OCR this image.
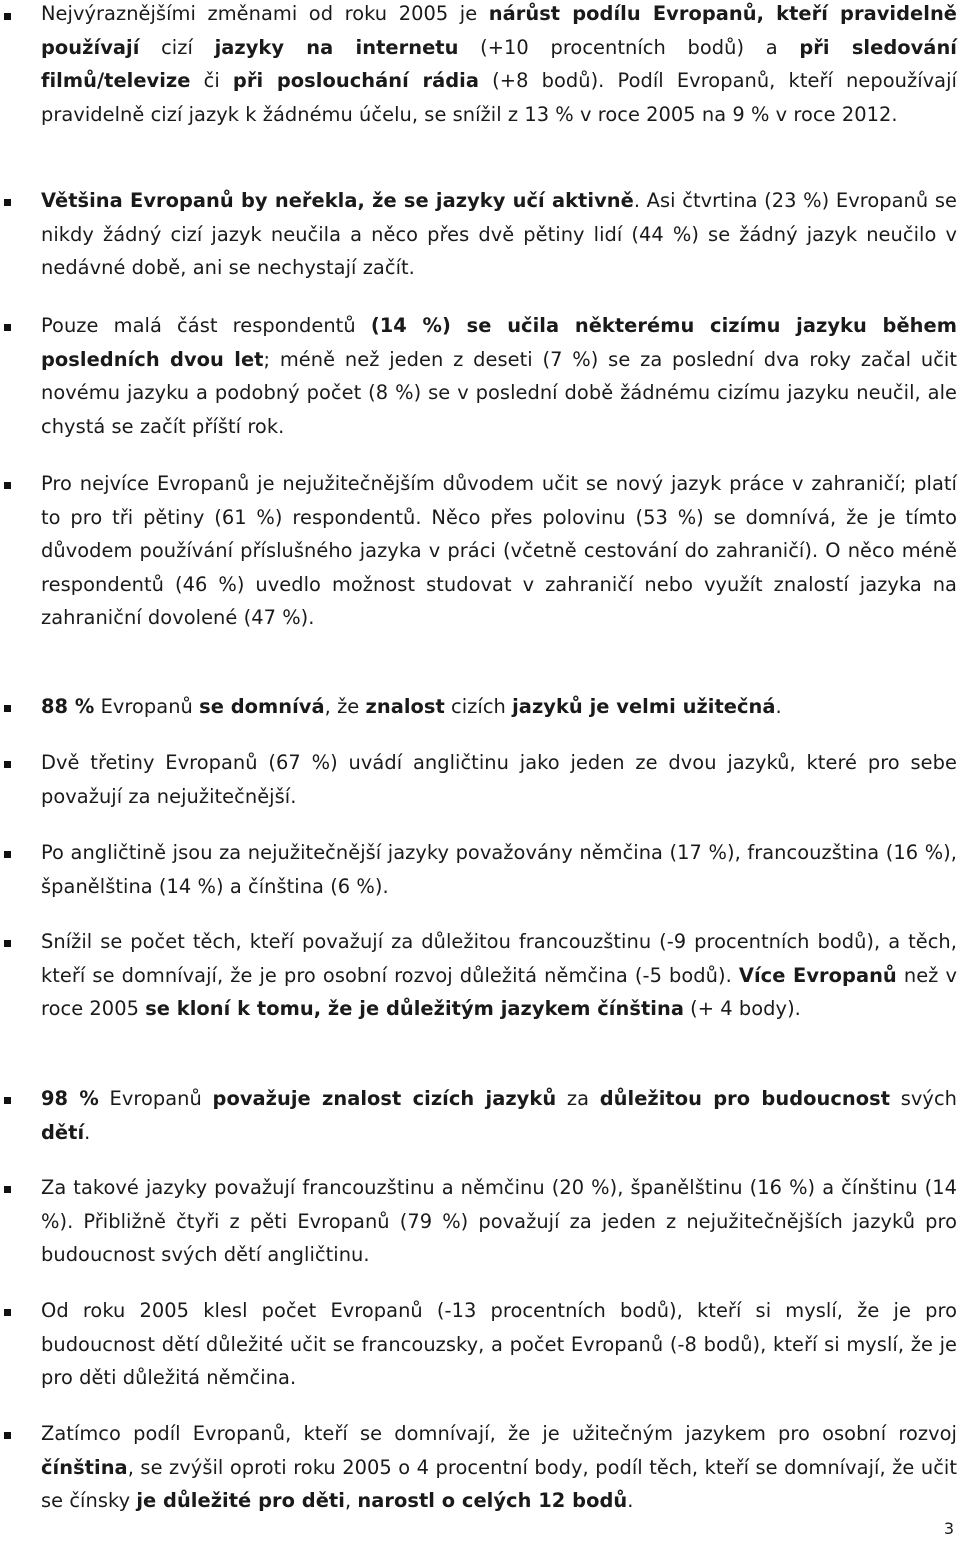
Nejvýraznějšími změnami od roku 2005 je nárůst podílu Evropanů, kteří pravidelně používají cizí jazyky na internetu (+10 procentních bodů) a při sledování filmů/televize či při poslouchání rádia (+8 bodů). Podíl Evropanů, kteří nepoužívají pravidelně cizí jazyk k žádnému účelu, se snížil z 13 % v roce 2005 na 9 % v roce 2012.

Většina Evropanů by neřekla, že se jazyky učí aktivně. Asi čtvrtina (23 %) Evropanů se nikdy žádný cizí jazyk neučila a něco přes dvě pětiny lidí (44 %) se žádný jazyk neučilo v nedávné době, ani se nechystají začít.

Pouze malá část respondentů (14 %) se učila některému cizímu jazyku během posledních dvou let; méně než jeden z deseti (7 %) se za poslední dva roky začal učit novému jazyku a podobný počet (8 %) se v poslední době žádnému cizímu jazyku neučil, ale chystá se začít příští rok.

Pro nejvíce Evropanů je nejužitečnějším důvodem učit se nový jazyk práce v zahraničí; platí to pro tři pětiny (61 %) respondentů. Něco přes polovinu (53 %) se domnívá, že je tímto důvodem používání příslušného jazyka v práci (včetně cestování do zahraničí). O něco méně respondentů (46 %) uvedlo možnost studovat v zahraničí nebo využít znalostí jazyka na zahraniční dovolené (47 %).

88 % Evropanů se domnívá, že znalost cizích jazyků je velmi užitečná.

Dvě třetiny Evropanů (67 %) uvádí angličtinu jako jeden ze dvou jazyků, které pro sebe považují za nejužitečnější.

Po angličtině jsou za nejužitečnější jazyky považovány němčina (17 %), francouzština (16 %), španělština (14 %) a čínština (6 %).

Snížil se počet těch, kteří považují za důležitou francouzštinu (-9 procentních bodů), a těch, kteří se domnívají, že je pro osobní rozvoj důležitá němčina (-5 bodů). Více Evropanů než v roce 2005 se kloní k tomu, že je důležitým jazykem čínština (+ 4 body).

98 % Evropanů považuje znalost cizích jazyků za důležitou pro budoucnost svých dětí.

Za takové jazyky považují francouzštinu a němčinu (20 %), španělštinu (16 %) a čínštinu (14 %). Přibližně čtyři z pěti Evropanů (79 %) považují za jeden z nejužitečnějších jazyků pro budoucnost svých dětí angličtinu.

Od roku 2005 klesl počet Evropanů (-13 procentních bodů), kteří si myslí, že je pro budoucnost dětí důležité učit se francouzsky, a počet Evropanů (-8 bodů), kteří si myslí, že je pro děti důležitá němčina.

Zatímco podíl Evropanů, kteří se domnívají, že je užitečným jazykem pro osobní rozvoj čínština, se zvýšil oproti roku 2005 o 4 procentní body, podíl těch, kteří se domnívají, že učit se čínsky je důležité pro děti, narostl o celých 12 bodů.

3
